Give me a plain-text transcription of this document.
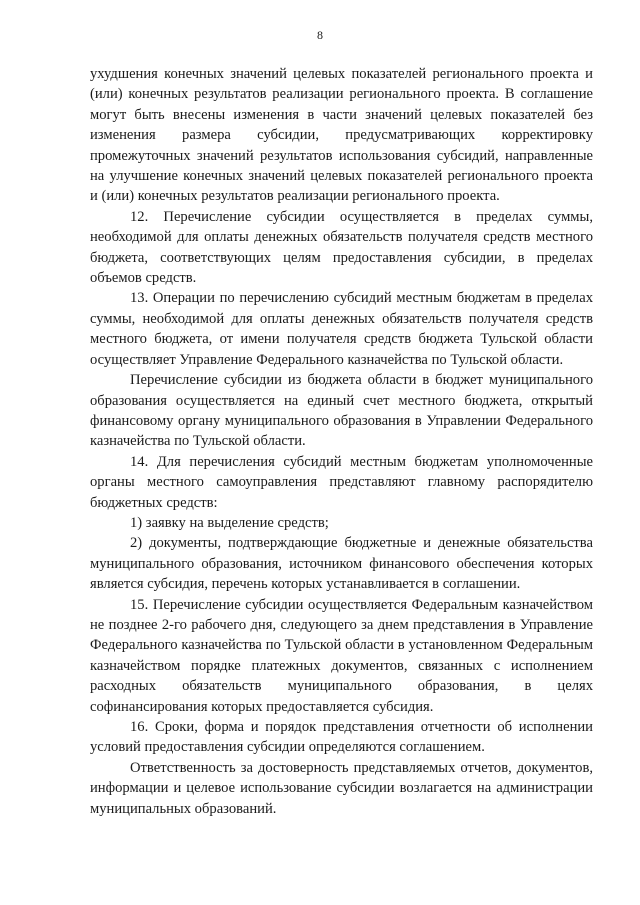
8

ухудшения конечных значений целевых показателей регионального проекта и (или) конечных результатов реализации регионального проекта. В соглашение могут быть внесены изменения в части значений целевых показателей без изменения размера субсидии, предусматривающих корректировку промежуточных значений результатов использования субсидий, направленные на улучшение конечных значений целевых показателей регионального проекта и (или) конечных результатов реализации регионального проекта.

12. Перечисление субсидии осуществляется в пределах суммы, необходимой для оплаты денежных обязательств получателя средств местного бюджета, соответствующих целям предоставления субсидии, в пределах объемов средств.

13. Операции по перечислению субсидий местным бюджетам в пределах суммы, необходимой для оплаты денежных обязательств получателя средств местного бюджета, от имени получателя средств бюджета Тульской области осуществляет Управление Федерального казначейства по Тульской области.

Перечисление субсидии из бюджета области в бюджет муниципального образования осуществляется на единый счет местного бюджета, открытый финансовому органу муниципального образования в Управлении Федерального казначейства по Тульской области.

14. Для перечисления субсидий местным бюджетам уполномоченные органы местного самоуправления представляют главному распорядителю бюджетных средств:

1) заявку на выделение средств;

2) документы, подтверждающие бюджетные и денежные обязательства муниципального образования, источником финансового обеспечения которых является субсидия, перечень которых устанавливается в соглашении.

15. Перечисление субсидии осуществляется Федеральным казначейством не позднее 2-го рабочего дня, следующего за днем представления в Управление Федерального казначейства по Тульской области в установленном Федеральным казначейством порядке платежных документов, связанных с исполнением расходных обязательств муниципального образования, в целях софинансирования которых предоставляется субсидия.

16. Сроки, форма и порядок представления отчетности об исполнении условий предоставления субсидии определяются соглашением.

Ответственность за достоверность представляемых отчетов, документов, информации и целевое использование субсидии возлагается на администрации муниципальных образований.
